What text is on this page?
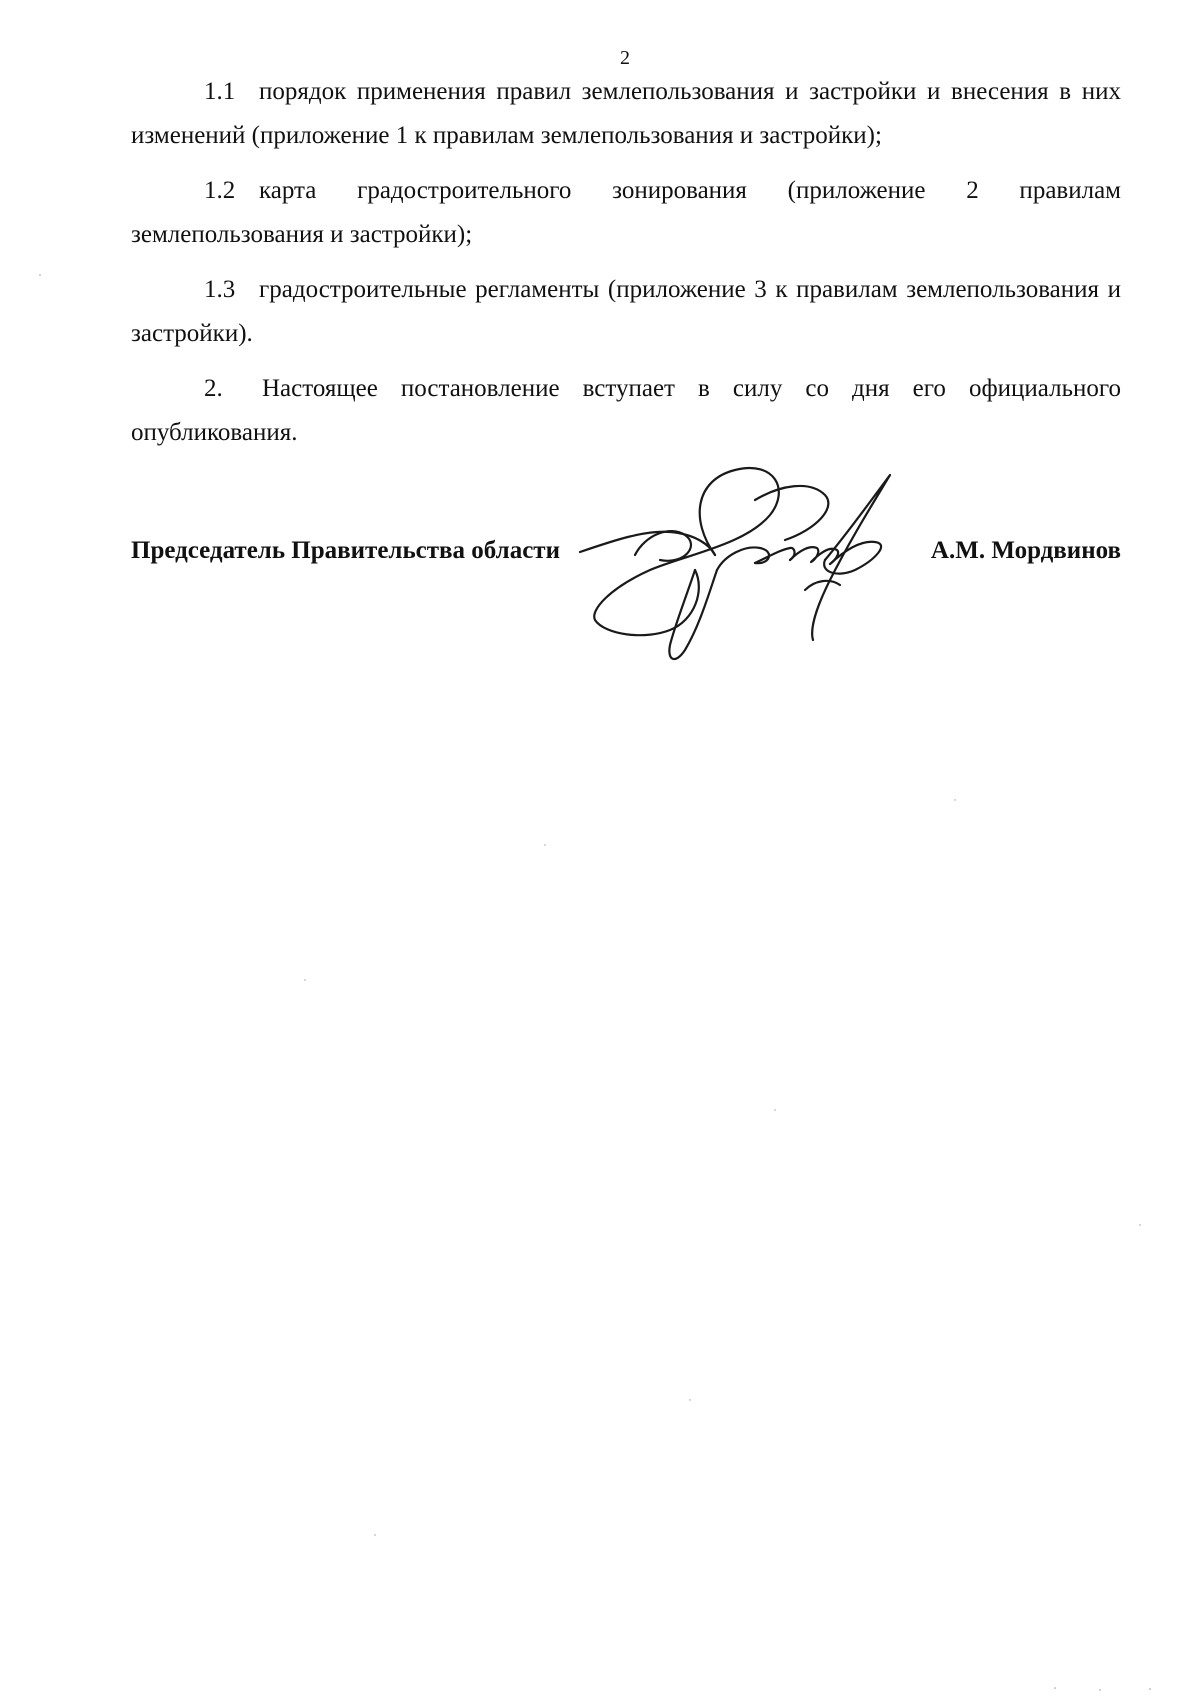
2

1.1 порядок применения правил землепользования и застройки и внесения в них изменений (приложение 1 к правилам землепользования и застройки);

1.2 карта градостроительного зонирования (приложение 2 правилам землепользования и застройки);

1.3 градостроительные регламенты (приложение 3 к правилам землепользования и застройки).

2. Настоящее постановление вступает в силу со дня его официального опубликования.

Председатель Правительства области	А.М. Мордвинов
